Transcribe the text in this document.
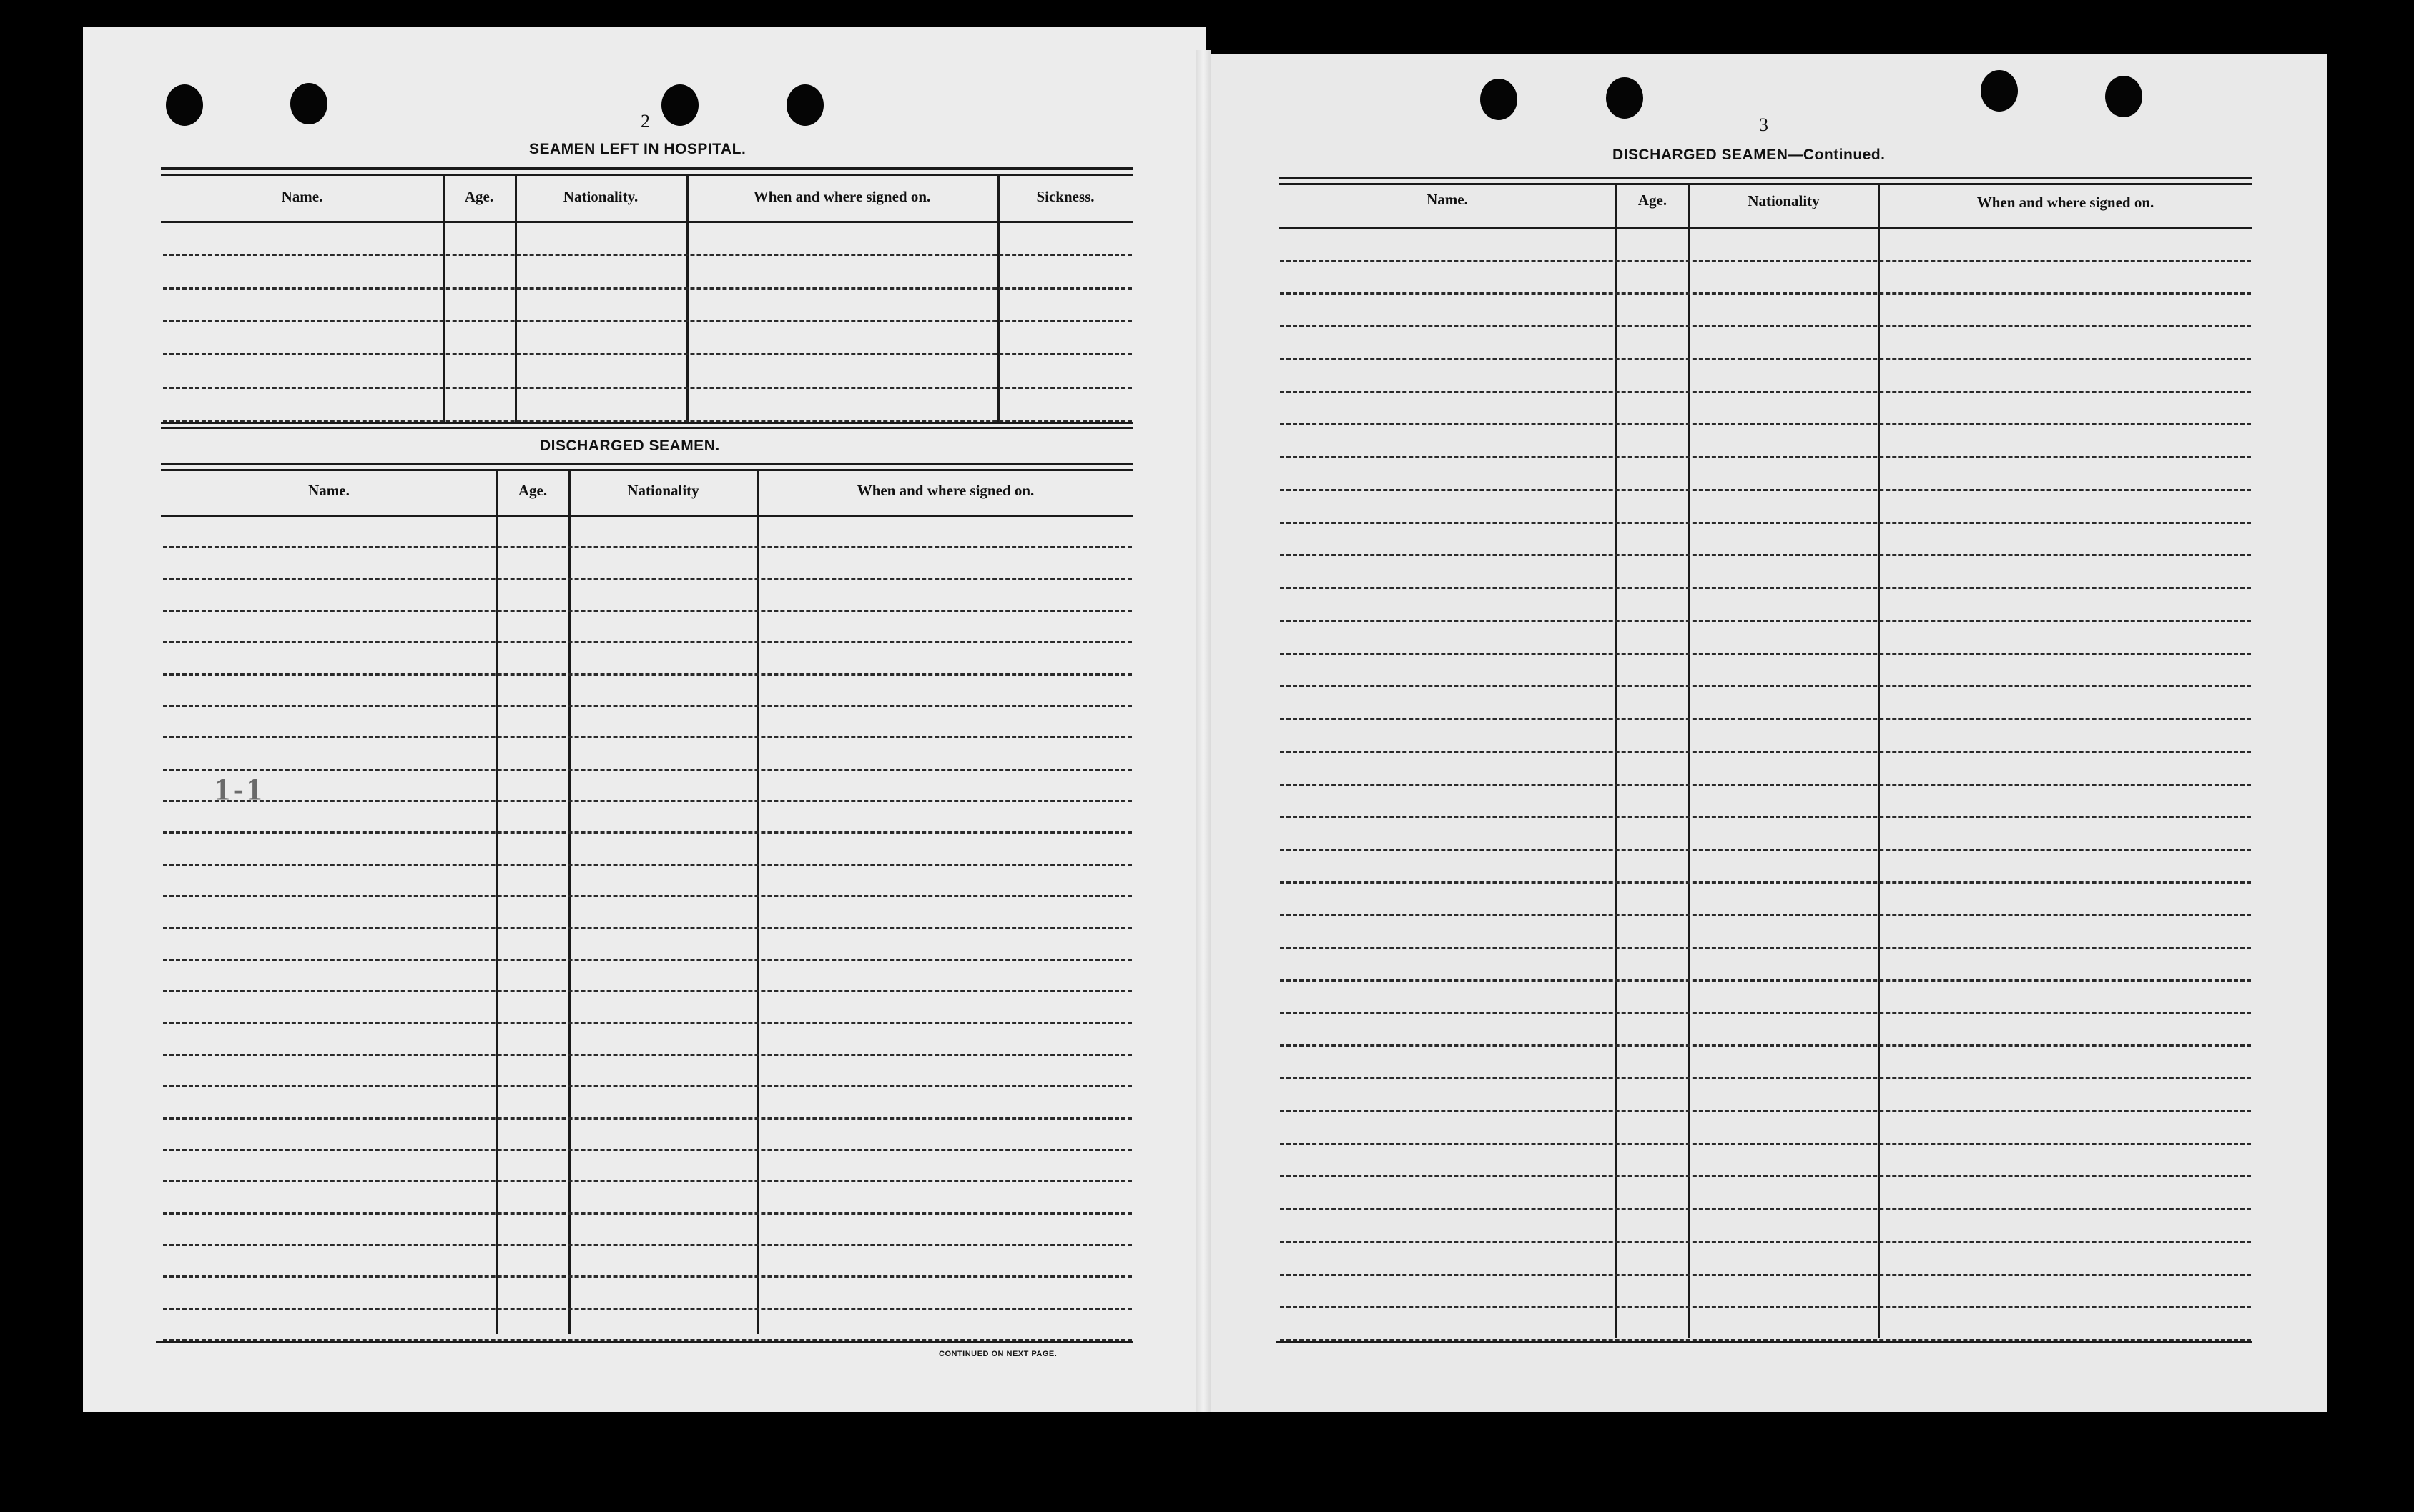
2
SEAMEN LEFT IN HOSPITAL.
Name.	Age.	Nationality.	When and where signed on.	Sickness.
DISCHARGED SEAMEN.
Name.	Age.	Nationality	When and where signed on.
CONTINUED ON NEXT PAGE.
1-1
3
DISCHARGED SEAMEN—Continued.
Name.	Age.	Nationality	When and where signed on.
